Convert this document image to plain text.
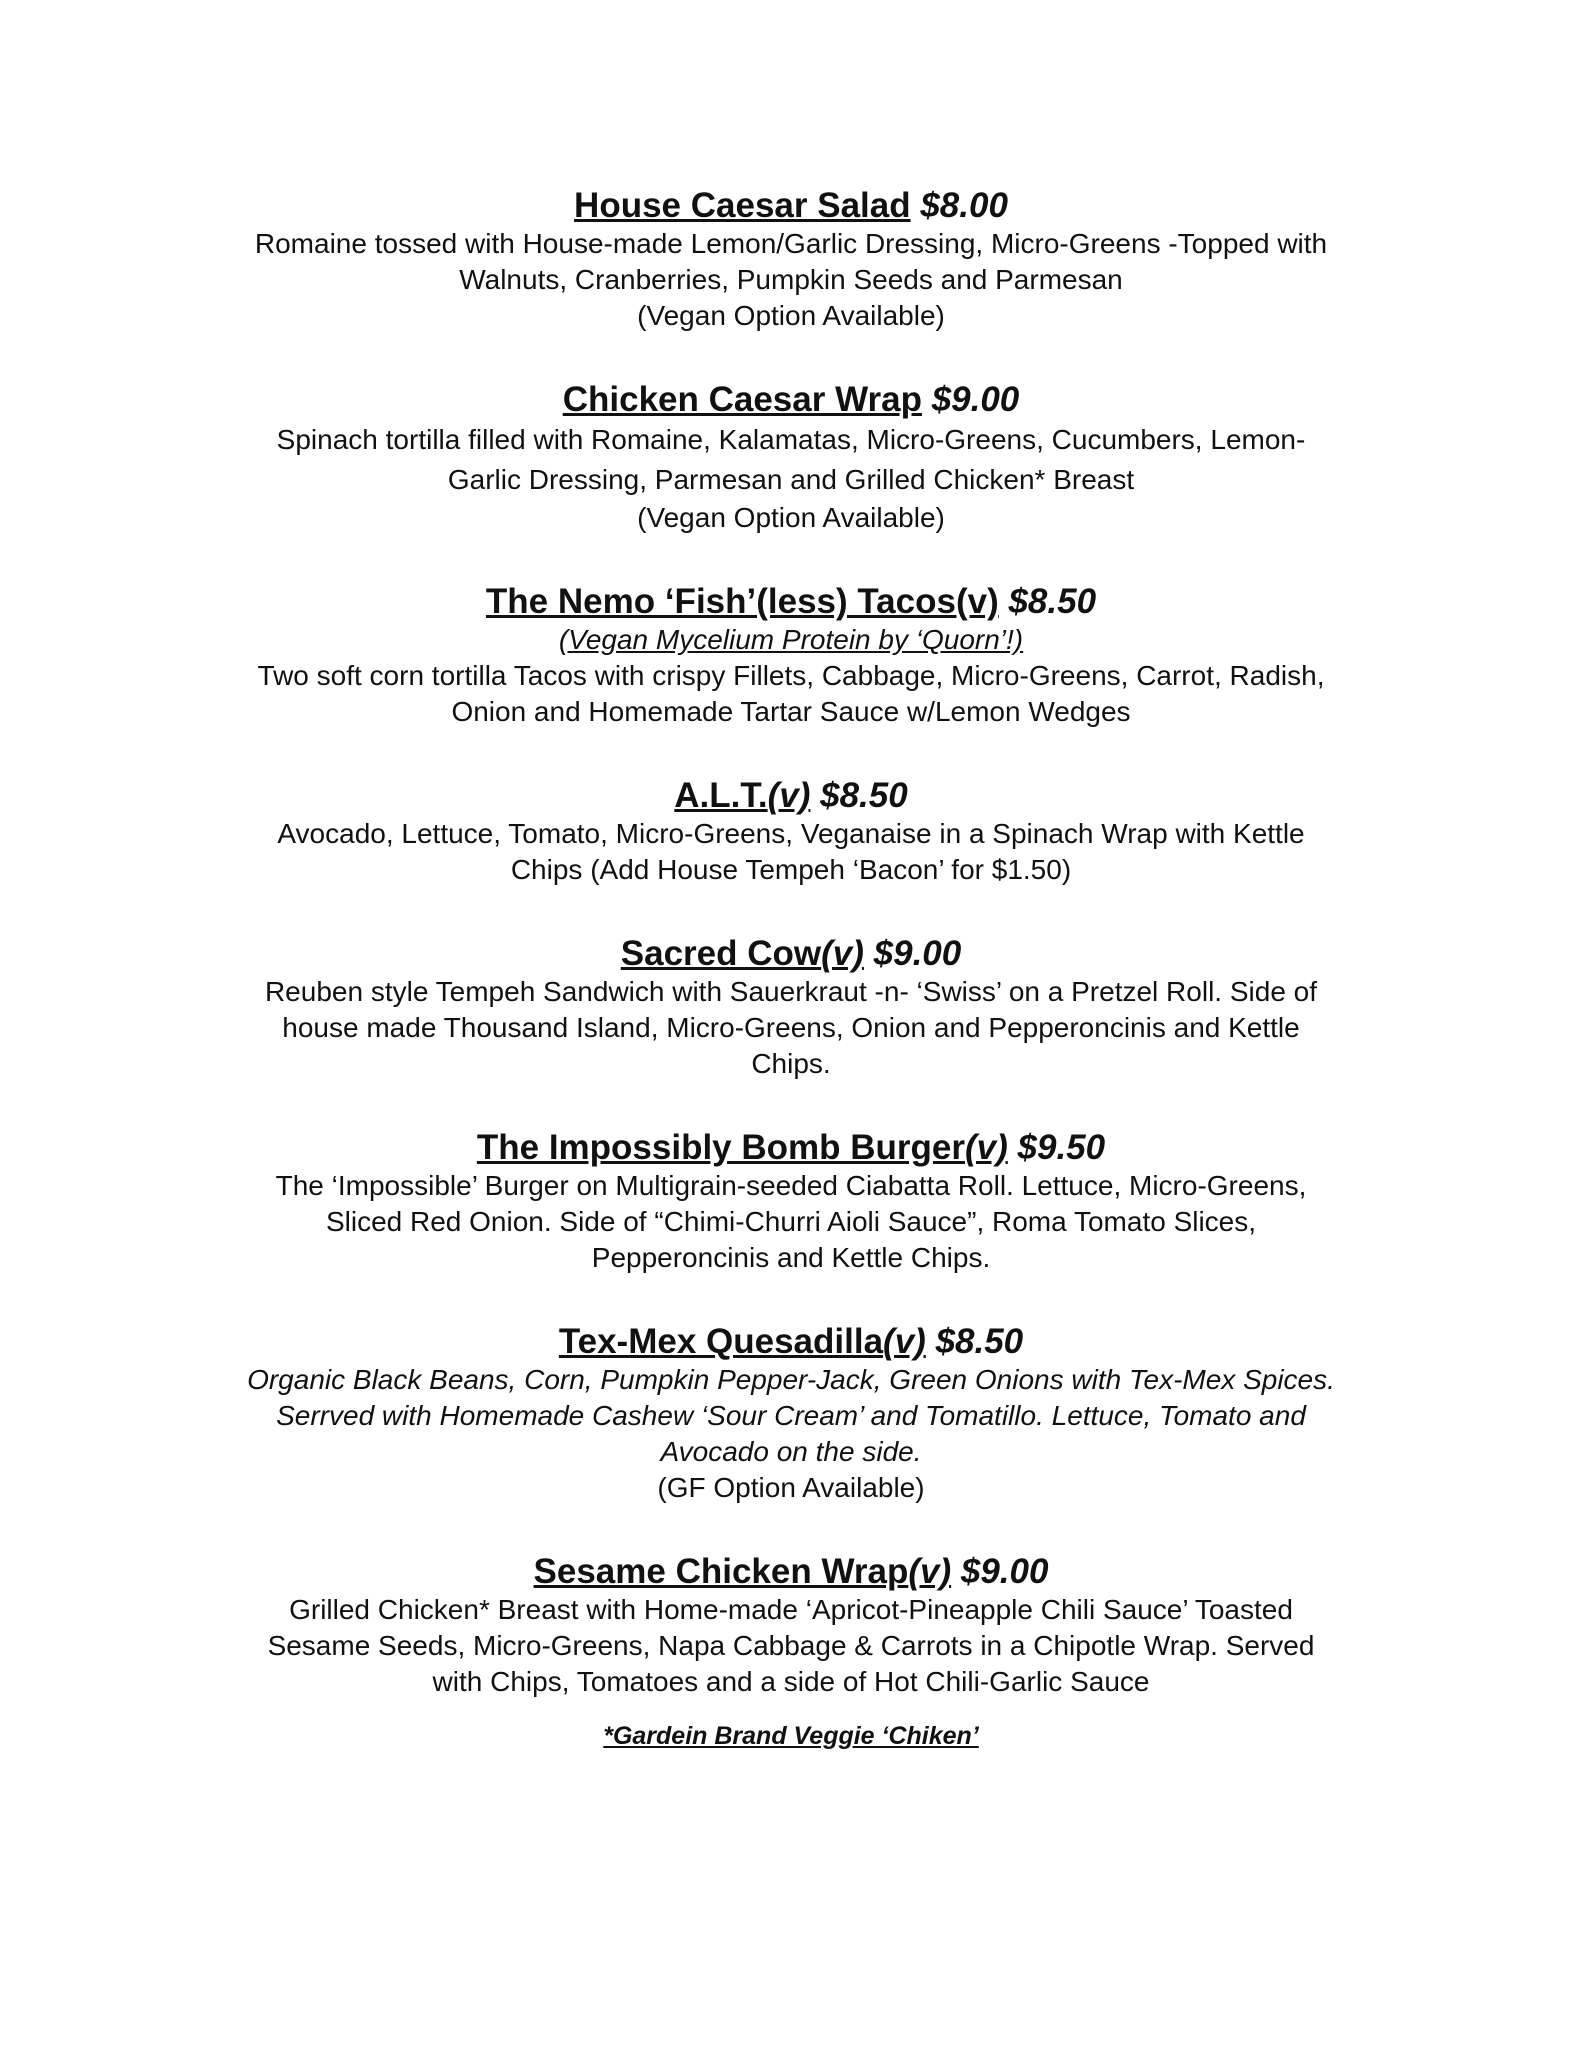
House Caesar Salad $8.00
Romaine tossed with House-made Lemon/Garlic Dressing, Micro-Greens -Topped with
Walnuts, Cranberries, Pumpkin Seeds and Parmesan
(Vegan Option Available)
Chicken Caesar Wrap $9.00
Spinach tortilla filled with Romaine, Kalamatas, Micro-Greens, Cucumbers, Lemon-
Garlic Dressing, Parmesan and Grilled Chicken* Breast
(Vegan Option Available)
The Nemo ‘Fish’(less) Tacos(v) $8.50
(Vegan Mycelium Protein by ‘Quorn’!)
Two soft corn tortilla Tacos with crispy Fillets, Cabbage, Micro-Greens, Carrot, Radish,
Onion and Homemade Tartar Sauce w/Lemon Wedges
A.L.T.(v) $8.50
Avocado, Lettuce, Tomato, Micro-Greens, Veganaise in a Spinach Wrap with Kettle
Chips (Add House Tempeh ‘Bacon’ for $1.50)
Sacred Cow(v) $9.00
Reuben style Tempeh Sandwich with Sauerkraut -n- ‘Swiss’ on a Pretzel Roll. Side of
house made Thousand Island, Micro-Greens, Onion and Pepperoncinis and Kettle
Chips.
The Impossibly Bomb Burger(v) $9.50
The ‘Impossible’ Burger on Multigrain-seeded Ciabatta Roll. Lettuce, Micro-Greens,
Sliced Red Onion. Side of “Chimi-Churri Aioli Sauce”, Roma Tomato Slices,
Pepperoncinis and Kettle Chips.
Tex-Mex Quesadilla(v) $8.50
Organic Black Beans, Corn, Pumpkin Pepper-Jack, Green Onions with Tex-Mex Spices.
Serrved with Homemade Cashew ‘Sour Cream’ and Tomatillo. Lettuce, Tomato and
Avocado on the side.
(GF Option Available)
Sesame Chicken Wrap(v) $9.00
Grilled Chicken* Breast with Home-made ‘Apricot-Pineapple Chili Sauce’ Toasted
Sesame Seeds, Micro-Greens, Napa Cabbage & Carrots in a Chipotle Wrap. Served
with Chips, Tomatoes and a side of Hot Chili-Garlic Sauce
*Gardein Brand Veggie ‘Chiken’
